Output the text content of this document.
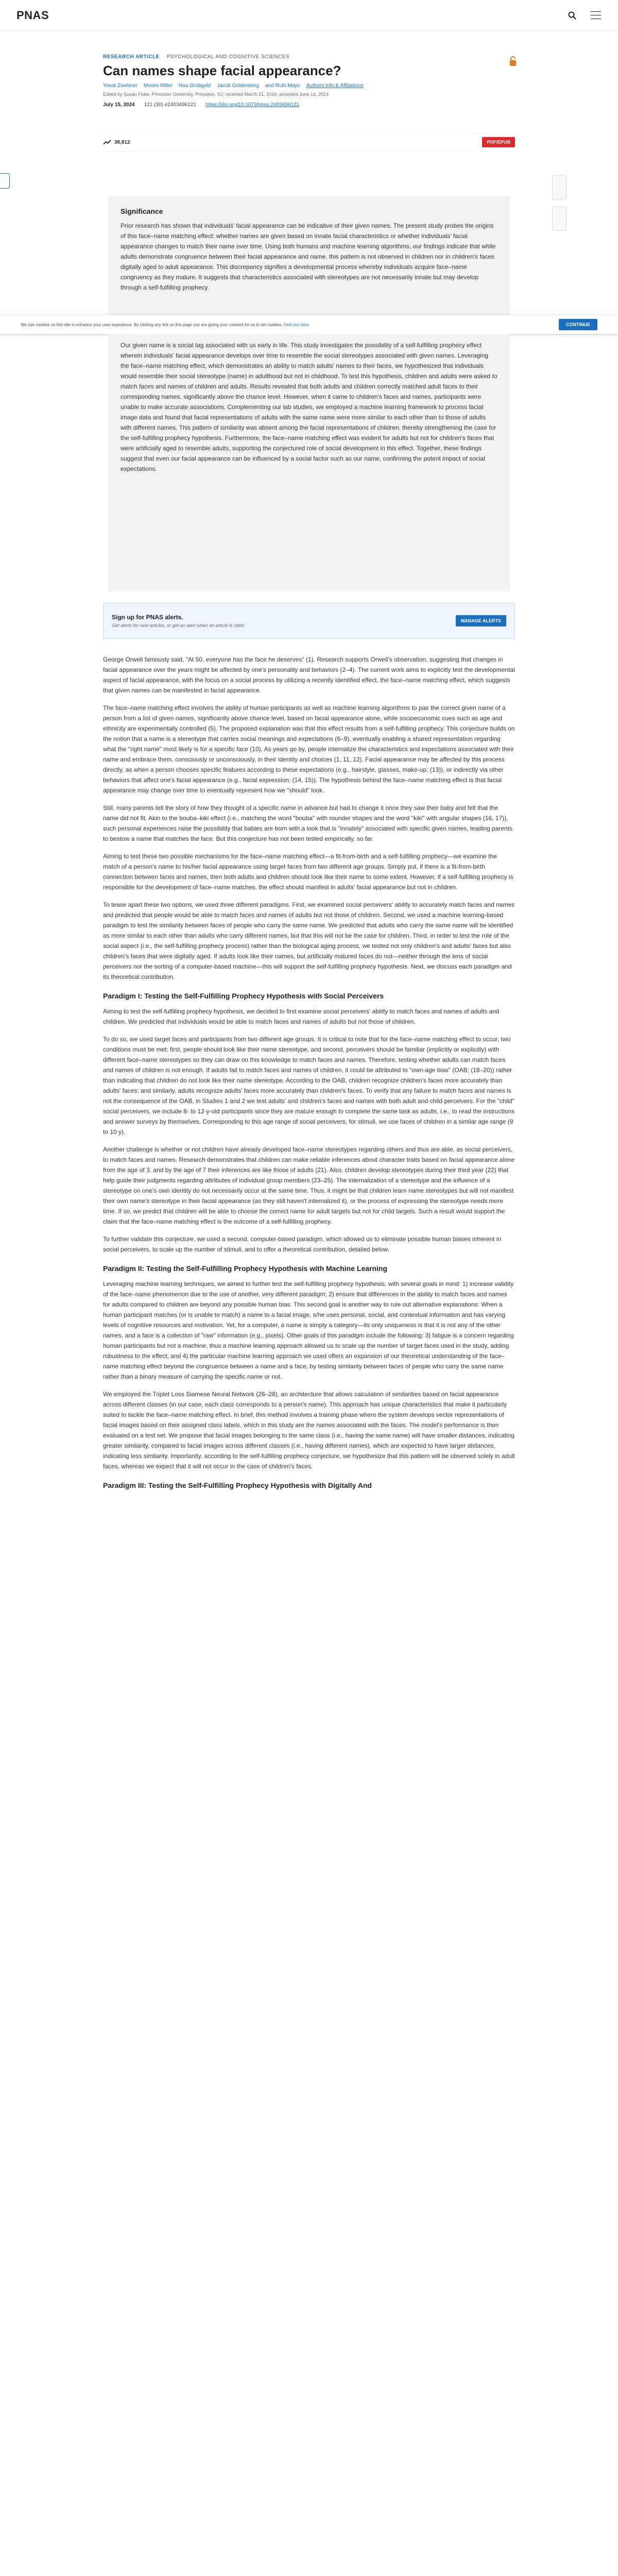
PNAS
RESEARCH ARTICLE PSYCHOLOGICAL AND COGNITIVE SCIENCES
Can names shape facial appearance?
Yonat Zwebner Moses Miller Noa Grobgeld Jacob Goldenberg and Ruth Mayo Authors Info & Affiliations
Edited by Susan Fiske, Princeton University, Princeton, NJ; received March 21, 2024; accepted June 14, 2024
July 15, 2024 121 (30) e2403496121 https://doi.org/10.1073/pnas.2403496121
38,812	PDF/EPUB
Significance

Prior research has shown that individuals' facial appearance can be indicative of their given names. The present study probes the origins of this face–name matching effect: whether names are given based on innate facial characteristics or whether individuals' facial appearance changes to match their name over time. Using both humans and machine learning algorithms, our findings indicate that while adults demonstrate congruence between their facial appearance and name, this pattern is not observed in children nor in children's faces digitally aged to adult appearance. This discrepancy signifies a developmental process whereby individuals acquire face–name congruency as they mature. It suggests that characteristics associated with stereotypes are not necessarily innate but may develop through a self-fulfilling prophecy.

We use cookies on this site to enhance your user experience. By clicking any link on this page you are giving your consent for us to set cookies. Find out more	CONTINUE

Our given name is a social tag associated with us early in life. This study investigates the possibility of a self-fulfilling prophecy effect wherein individuals' facial appearance develops over time to resemble the social stereotypes associated with given names. Leveraging the face–name matching effect, which demonstrates an ability to match adults' names to their faces, we hypothesized that individuals would resemble their social stereotype (name) in adulthood but not in childhood. To test this hypothesis, children and adults were asked to match faces and names of children and adults. Results revealed that both adults and children correctly matched adult faces to their corresponding names, significantly above the chance level. However, when it came to children's faces and names, participants were unable to make accurate associations. Complementing our lab studies, we employed a machine learning framework to process facial image data and found that facial representations of adults with the same name were more similar to each other than to those of adults with different names. This pattern of similarity was absent among the facial representations of children, thereby strengthening the case for the self-fulfilling prophecy hypothesis. Furthermore, the face–name matching effect was evident for adults but not for children's faces that were artificially aged to resemble adults, supporting the conjectured role of social development in this effect. Together, these findings suggest that even our facial appearance can be influenced by a social factor such as our name, confirming the potent impact of social expectations.

Sign up for PNAS alerts.
Get alerts for new articles, or get an alert when an article is cited.
MANAGE ALERTS

George Orwell famously said, "At 50, everyone has the face he deserves" (1). Research supports Orwell's observation, suggesting that changes in facial appearance over the years might be affected by one's personality and behaviors (2–4). The current work aims to explicitly test the developmental aspect of facial appearance, with the focus on a social process by utilizing a recently identified effect, the face–name matching effect, which suggests that given names can be manifested in facial appearance.

The face–name matching effect involves the ability of human participants as well as machine learning algorithms to pair the correct given name of a person from a list of given names, significantly above chance level, based on facial appearance alone, while socioeconomic cues such as age and ethnicity are experimentally controlled (5). The proposed explanation was that this effect results from a self-fulfilling prophecy. This conjecture builds on the notion that a name is a stereotype that carries social meanings and expectations (6–9), eventually enabling a shared representation regarding what the "right name" most likely is for a specific face (10). As years go by, people internalize the characteristics and expectations associated with their name and embrace them, consciously or unconsciously, in their identity and choices (1, 11, 12). Facial appearance may be affected by this process directly, as when a person chooses specific features according to these expectations (e.g., hairstyle, glasses, make-up; (13)), or indirectly via other behaviors that affect one's facial appearance (e.g., facial expression; (14, 15)). The hypothesis behind the face–name matching effect is that facial appearance may change over time to eventually represent how we "should" look.

Still, many parents tell the story of how they thought of a specific name in advance but had to change it once they saw their baby and felt that the name did not fit. Akin to the bouba–kiki effect (i.e., matching the word "bouba" with rounder shapes and the word "kiki" with angular shapes (16, 17)), such personal experiences raise the possibility that babies are born with a look that is "innately" associated with specific given names, leading parents to bestow a name that matches the face. But this conjecture has not been tested empirically, so far.

Aiming to test these two possible mechanisms for the face–name matching effect—a fit-from-birth and a self-fulfilling prophecy—we examine the match of a person's name to his/her facial appearance using target faces from two different age groups. Simply put, if there is a fit-from-birth connection between faces and names, then both adults and children should look like their name to some extent. However, if a self-fulfilling prophecy is responsible for the development of face–name matches, the effect should manifest in adults' facial appearance but not in children.

To tease apart these two options, we used three different paradigms. First, we examined social perceivers' ability to accurately match faces and names and predicted that people would be able to match faces and names of adults but not those of children. Second, we used a machine learning-based paradigm to test the similarity between faces of people who carry the same name. We predicted that adults who carry the same name will be identified as more similar to each other than adults who carry different names, but that this will not be the case for children. Third, in order to test the role of the social aspect (i.e., the self-fulfilling prophecy process) rather than the biological aging process, we tested not only children's and adults' faces but also children's faces that were digitally aged. If adults look like their names, but artificially matured faces do not—neither through the lens of social perceivers nor the sorting of a computer-based machine—this will support the self-fulfilling prophecy hypothesis. Next, we discuss each paradigm and its theoretical contribution.

Paradigm I: Testing the Self-Fulfilling Prophecy Hypothesis with Social Perceivers

Aiming to test the self-fulfilling prophecy hypothesis, we decided to first examine social perceivers' ability to match faces and names of adults and children. We predicted that individuals would be able to match faces and names of adults but not those of children.

To do so, we used target faces and participants from two different age groups. It is critical to note that for the face–name matching effect to occur, two conditions must be met: first, people should look like their name stereotype, and second, perceivers should be familiar (implicitly or explicitly) with different face–name stereotypes so they can draw on this knowledge to match faces and names. Therefore, testing whether adults can match faces and names of children is not enough. If adults fail to match faces and names of children, it could be attributed to "own-age bias" (OAB; (18–20)) rather than indicating that children do not look like their name stereotype. According to the OAB, children recognize children's faces more accurately than adults' faces; and similarly, adults recognize adults' faces more accurately than children's faces. To verify that any failure to match faces and names is not the consequence of the OAB, in Studies 1 and 2 we test adults' and children's faces and names with both adult and child perceivers. For the "child" social perceivers, we include 8- to 12-y-old participants since they are mature enough to complete the same task as adults, i.e., to read the instructions and answer surveys by themselves. Corresponding to this age range of social perceivers, for stimuli, we use faces of children in a similar age range (9 to 10 y).

Another challenge is whether or not children have already developed face–name stereotypes regarding others and thus are able, as social perceivers, to match faces and names. Research demonstrates that children can make reliable inferences about character traits based on facial appearance alone from the age of 3, and by the age of 7 their inferences are like those of adults (21). Also, children develop stereotypes during their third year (22) that help guide their judgments regarding attributes of individual group members (23–25). The internalization of a stereotype and the influence of a stereotype on one's own identity do not necessarily occur at the same time. Thus, it might be that children learn name stereotypes but will not manifest their own name's stereotype in their facial appearance (as they still haven't internalized it), or the process of expressing the stereotype needs more time. If so, we predict that children will be able to choose the correct name for adult targets but not for child targets. Such a result would support the claim that the face–name matching effect is the outcome of a self-fulfilling prophecy.

To further validate this conjecture, we used a second, computer-based paradigm, which allowed us to eliminate possible human biases inherent in social perceivers, to scale up the number of stimuli, and to offer a theoretical contribution, detailed below.

Paradigm II: Testing the Self-Fulfilling Prophecy Hypothesis with Machine Learning

Leveraging machine learning techniques, we aimed to further test the self-fulfilling prophecy hypothesis, with several goals in mind: 1) increase validity of the face–name phenomenon due to the use of another, very different paradigm; 2) ensure that differences in the ability to match faces and names for adults compared to children are beyond any possible human bias. This second goal is another way to rule out alternative explanations: When a human participant matches (or is unable to match) a name to a facial image, s/he uses personal, social, and contextual information and has varying levels of cognitive resources and motivation. Yet, for a computer, a name is simply a category—its only uniqueness is that it is not any of the other names, and a face is a collection of "raw" information (e.g., pixels). Other goals of this paradigm include the following: 3) fatigue is a concern regarding human participants but not a machine, thus a machine learning approach allowed us to scale up the number of target faces used in the study, adding robustness to the effect; and 4) the particular machine learning approach we used offers an expansion of our theoretical understanding of the face–name matching effect beyond the congruence between a name and a face, by testing similarity between faces of people who carry the same name rather than a binary measure of carrying the specific name or not.

We employed the Triplet Loss Siamese Neural Network (26–28), an architecture that allows calculation of similarities based on facial appearance across different classes (in our case, each class corresponds to a person's name). This approach has unique characteristics that make it particularly suited to tackle the face–name matching effect. In brief, this method involves a training phase where the system develops vector representations of facial images based on their assigned class labels, which in this study are the names associated with the faces. The model's performance is then evaluated on a test set. We propose that facial images belonging to the same class (i.e., having the same name) will have smaller distances, indicating greater similarity, compared to facial images across different classes (i.e., having different names), which are expected to have larger distances, indicating less similarity. Importantly, according to the self-fulfilling prophecy conjecture, we hypothesize that this pattern will be observed solely in adult faces, whereas we expect that it will not occur in the case of children's faces.

Paradigm III: Testing the Self-Fulfilling Prophecy Hypothesis with Digitally And
